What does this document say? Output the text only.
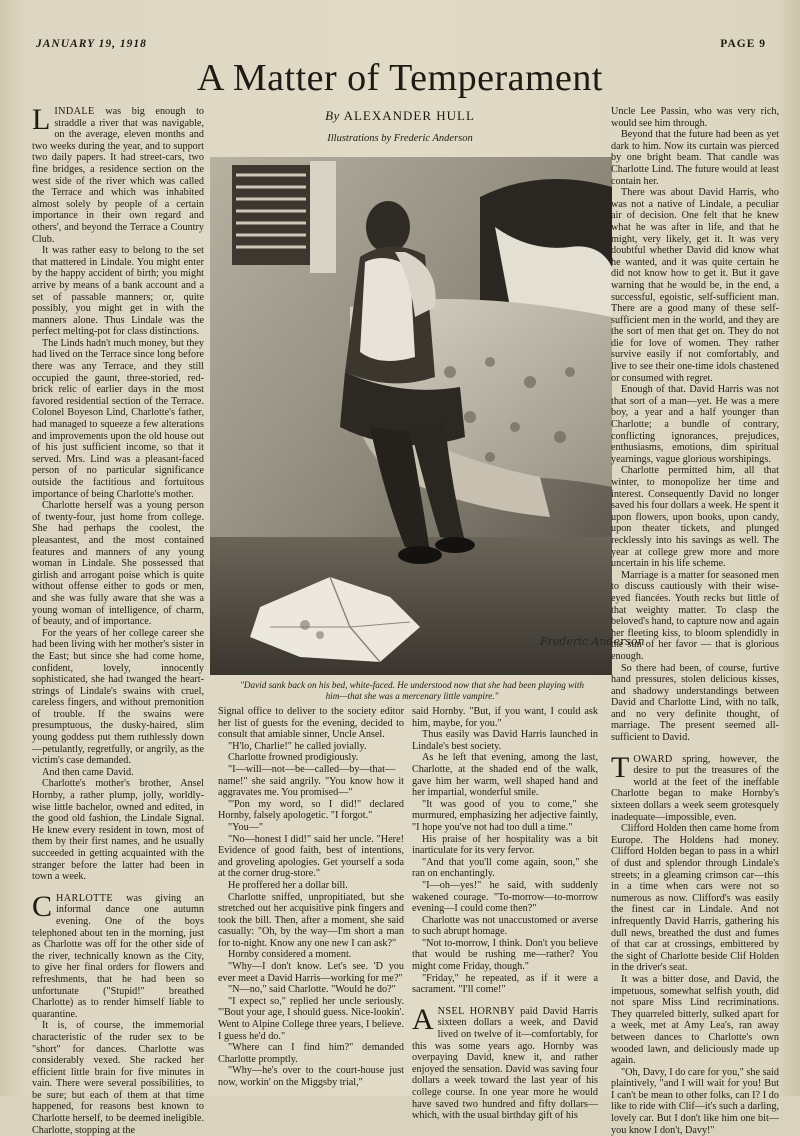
JANUARY 19, 1918	PAGE 9
A Matter of Temperament
By ALEXANDER HULL
Illustrations by Frederic Anderson

LINDALE was big enough to straddle a river that was navigable, on the average, eleven months and two weeks during the year, and to support two daily papers. It had street-cars, two fine bridges, a residence section on the west side of the river which was called the Terrace and which was inhabited almost solely by people of a certain importance in their own regard and others', and beyond the Terrace a Country Club.

It was rather easy to belong to the set that mattered in Lindale. You might enter by the happy accident of birth; you might arrive by means of a bank account and a set of passable manners; or, quite possibly, you might get in with the manners alone. Thus Lindale was the perfect melting-pot for class distinctions.

The Linds hadn't much money, but they had lived on the Terrace since long before there was any Terrace, and they still occupied the gaunt, three-storied, red-brick relic of earlier days in the most favored residential section of the Terrace. Colonel Boyeson Lind, Charlotte's father, had managed to squeeze a few alterations and improvements upon the old house out of his just sufficient income, so that it served. Mrs. Lind was a pleasant-faced person of no particular significance outside the factitious and fortuitous importance of being Charlotte's mother.

Charlotte herself was a young person of twenty-four, just home from college. She had perhaps the coolest, the pleasantest, and the most contained features and manners of any young woman in Lindale. She possessed that girlish and arrogant poise which is quite without offense either to gods or men, and she was fully aware that she was a young woman of intelligence, of charm, of beauty, and of importance.

For the years of her college career she had been living with her mother's sister in the East; but since she had come home, confident, lovely, innocently sophisticated, she had twanged the heart-strings of Lindale's swains with cruel, careless fingers, and without premonition of trouble. If the swains were presumptuous, the dusky-haired, slim young goddess put them ruthlessly down—petulantly, regretfully, or angrily, as the victim's case demanded.

And then came David.

Charlotte's mother's brother, Ansel Hornby, a rather plump, jolly, worldly-wise little bachelor, owned and edited, in the good old fashion, the Lindale Signal. He knew every resident in town, most of them by their first names, and he usually succeeded in getting acquainted with the stranger before the latter had been in town a week.

CHARLOTTE was giving an informal dance one autumn evening. One of the boys telephoned about ten in the morning, just as Charlotte was off for the other side of the river, technically known as the City, to give her final orders for flowers and refreshments, that he had been so unfortunate ("Stupid!" breathed Charlotte) as to render himself liable to quarantine.

It is, of course, the immemorial characteristic of the ruder sex to be "short" for dances. Charlotte was considerably vexed. She racked her efficient little brain for five minutes in vain. There were several possibilities, to be sure; but each of them at that time happened, for reasons best known to Charlotte herself, to be deemed ineligible. Charlotte, stopping at the

Frederic Anderson
"David sank back on his bed, white-faced. He understood now that she had been playing with him—that she was a mercenary little vampire."

Signal office to deliver to the society editor her list of guests for the evening, decided to consult that amiable sinner, Uncle Ansel.

"H'lo, Charlie!" he called jovially.

Charlotte frowned prodigiously.

"I—will—not—be—called—by—that—name!" she said angrily. "You know how it aggravates me. You promised—"

"'Pon my word, so I did!" declared Hornby, falsely apologetic. "I forgot."

"You—"

"No—honest I did!" said her uncle. "Here! Evidence of good faith, best of intentions, and groveling apologies. Get yourself a soda at the corner drug-store."

He proffered her a dollar bill.

Charlotte sniffed, unpropitiated, but she stretched out her acquisitive pink fingers and took the bill. Then, after a moment, she said casually: "Oh, by the way—I'm short a man for to-night. Know any one new I can ask?"

Hornby considered a moment.

"Why—I don't know. Let's see. 'D you ever meet a David Harris—working for me?"

"N—no," said Charlotte. "Would he do?"

"I expect so," replied her uncle seriously. "'Bout your age, I should guess. Nice-lookin'. Went to Alpine College three years, I believe. I guess he'd do."

"Where can I find him?" demanded Charlotte promptly.

"Why—he's over to the court-house just now, workin' on the Miggsby trial,"

said Hornby. "But, if you want, I could ask him, maybe, for you."

Thus easily was David Harris launched in Lindale's best society.

As he left that evening, among the last, Charlotte, at the shaded end of the walk, gave him her warm, well shaped hand and her impartial, wonderful smile.

"It was good of you to come," she murmured, emphasizing her adjective faintly, "I hope you've not had too dull a time."

His praise of her hospitality was a bit inarticulate for its very fervor.

"And that you'll come again, soon," she ran on enchantingly.

"I—oh—yes!" he said, with suddenly wakened courage. "To-morrow—to-morrow evening—I could come then?"

Charlotte was not unaccustomed or averse to such abrupt homage.

"Not to-morrow, I think. Don't you believe that would be rushing me—rather? You might come Friday, though."

"Friday," he repeated, as if it were a sacrament. "I'll come!"

ANSEL HORNBY paid David Harris sixteen dollars a week, and David lived on twelve of it—comfortably, for this was some years ago. Hornby was overpaying David, knew it, and rather enjoyed the sensation. David was saving four dollars a week toward the last year of his college course. In one year more he would have saved two hundred and fifty dollars—which, with the usual birthday gift of his

Uncle Lee Passin, who was very rich, would see him through.

Beyond that the future had been as yet dark to him. Now its curtain was pierced by one bright beam. That candle was Charlotte Lind. The future would at least contain her.

There was about David Harris, who was not a native of Lindale, a peculiar air of decision. One felt that he knew what he was after in life, and that he might, very likely, get it. It was very doubtful whether David did know what he wanted, and it was quite certain he did not know how to get it. But it gave warning that he would be, in the end, a successful, egoistic, self-sufficient man. There are a good many of these self-sufficient men in the world, and they are the sort of men that get on. They do not die for love of women. They rather survive easily if not comfortably, and live to see their one-time idols chastened or consumed with regret.

Enough of that. David Harris was not that sort of a man—yet. He was a mere boy, a year and a half younger than Charlotte; a bundle of contrary, conflicting ignorances, prejudices, enthusiasms, emotions, dim spiritual yearnings, vague glorious worshipings.

Charlotte permitted him, all that winter, to monopolize her time and interest. Consequently David no longer saved his four dollars a week. He spent it upon flowers, upon books, upon candy, upon theater tickets, and plunged recklessly into his savings as well. The year at college grew more and more uncertain in his life scheme.

Marriage is a matter for seasoned men to discuss cautiously with their wise-eyed fiancées. Youth recks but little of that weighty matter. To clasp the beloved's hand, to capture now and again her fleeting kiss, to bloom splendidly in the sun of her favor — that is glorious enough.

So there had been, of course, furtive hand pressures, stolen delicious kisses, and shadowy understandings between David and Charlotte Lind, with no talk, and no very definite thought, of marriage. The present seemed all-sufficient to David.

TOWARD spring, however, the desire to put the treasures of the world at the feet of the ineffable Charlotte began to make Hornby's sixteen dollars a week seem grotesquely inadequate—impossible, even.

Clifford Holden then came home from Europe. The Holdens had money. Clifford Holden began to pass in a whirl of dust and splendor through Lindale's streets; in a gleaming crimson car—this in a time when cars were not so numerous as now. Clifford's was easily the finest car in Lindale. And not infrequently David Harris, gathering his dull news, breathed the dust and fumes of that car at crossings, embittered by the sight of Charlotte beside Clif Holden in the driver's seat.

It was a bitter dose, and David, the impetuous, somewhat selfish youth, did not spare Miss Lind recriminations. They quarreled bitterly, sulked apart for a week, met at Amy Lea's, ran away between dances to Charlotte's own wooded lawn, and deliciously made up again.

"Oh, Davy, I do care for you," she said plaintively, "and I will wait for you! But I can't be mean to other folks, can I? I do like to ride with Clif—it's such a darling, lovely car. But I don't like him one bit—you know I don't, Davy!"
